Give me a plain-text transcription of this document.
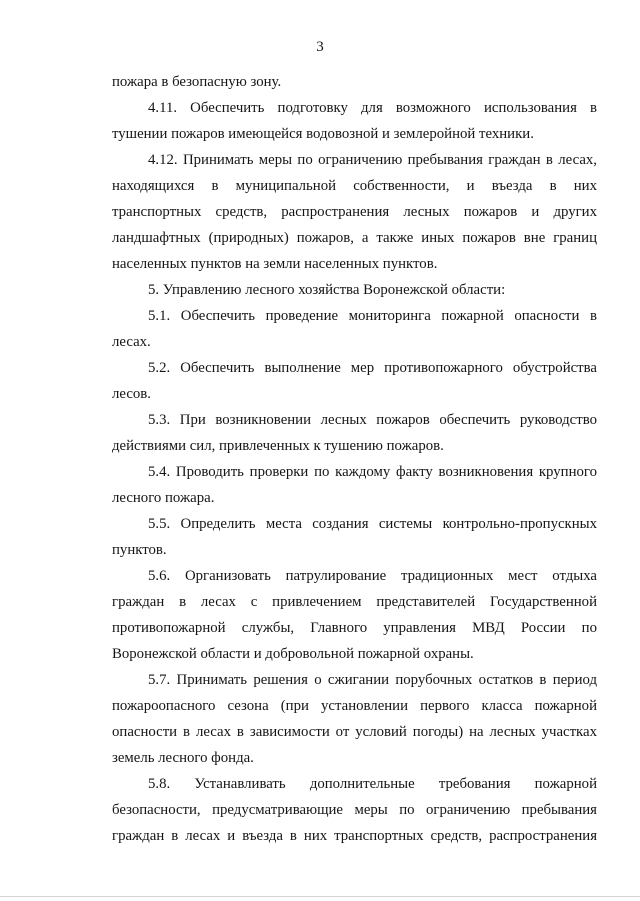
3
пожара в безопасную зону.
4.11. Обеспечить подготовку для возможного использования в
тушении пожаров имеющейся водовозной и землеройной техники.
4.12. Принимать меры по ограничению пребывания граждан в лесах,
находящихся в муниципальной собственности, и въезда в них
транспортных средств, распространения лесных пожаров и других
ландшафтных (природных) пожаров, а также иных пожаров вне границ
населенных пунктов на земли населенных пунктов.
5. Управлению лесного хозяйства Воронежской области:
5.1. Обеспечить проведение мониторинга пожарной опасности в
лесах.
5.2. Обеспечить выполнение мер противопожарного обустройства
лесов.
5.3. При возникновении лесных пожаров обеспечить руководство
действиями сил, привлеченных к тушению пожаров.
5.4. Проводить проверки по каждому факту возникновения крупного
лесного пожара.
5.5. Определить места создания системы контрольно-пропускных
пунктов.
5.6. Организовать патрулирование традиционных мест отдыха
граждан в лесах с привлечением представителей Государственной
противопожарной службы, Главного управления МВД России по
Воронежской области и добровольной пожарной охраны.
5.7. Принимать решения о сжигании порубочных остатков в период
пожароопасного сезона (при установлении первого класса пожарной
опасности в лесах в зависимости от условий погоды) на лесных участках
земель лесного фонда.
5.8. Устанавливать дополнительные требования пожарной
безопасности, предусматривающие меры по ограничению пребывания
граждан в лесах и въезда в них транспортных средств, распространения
